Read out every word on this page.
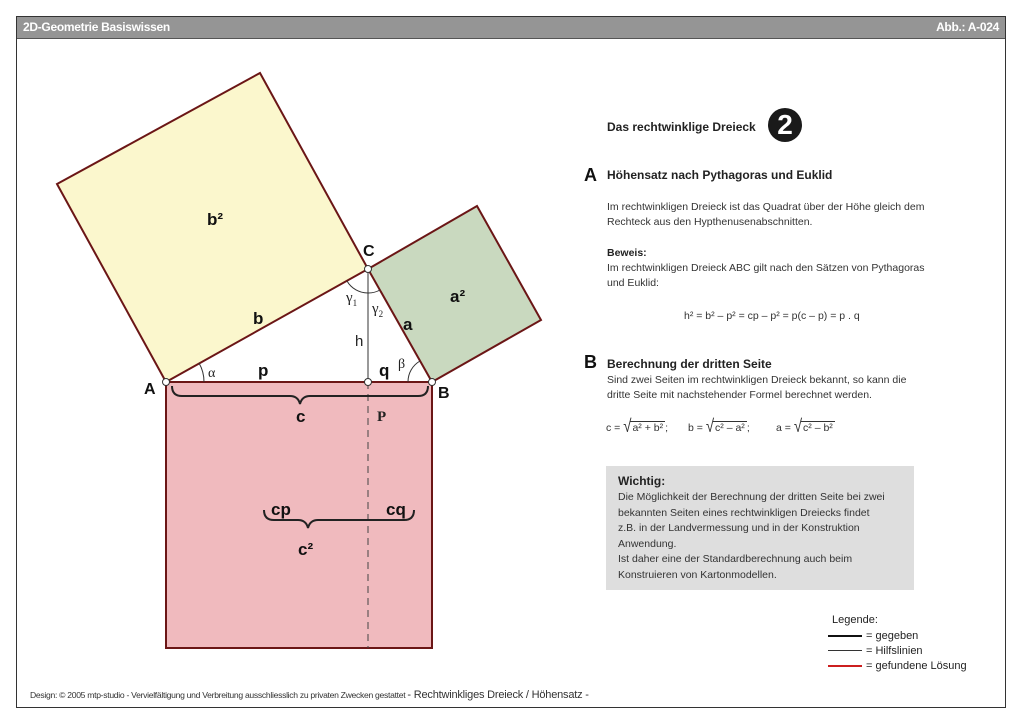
2D-Geometrie Basiswissen	Abb.: A-024
b²
a²
c²
A	B
C
b	a
c
p	q
cp	cq
P
h
α
β
$\gamma_1$ $\gamma_2$
Das rechtwinklige Dreieck 2
A Höhensatz nach Pythagoras und Euklid
Im rechtwinkligen Dreieck ist das Quadrat über der Höhe gleich dem
Rechteck aus den Hypthenusenabschnitten.
Beweis:
Im rechtwinkligen Dreieck ABC gilt nach den Sätzen von Pythagoras
und Euklid:
h² = b² – p² = cp – p² = p(c – p) = p . q
B Berechnung der dritten Seite
Sind zwei Seiten im rechtwinkligen Dreieck bekannt, so kann die
dritte Seite mit nachstehender Formel berechnet werden.
c = √a² + b² ; b = √c² – a² ;	a = √c² – b²
Wichtig:
Die Möglichkeit der Berechnung der dritten Seite bei zwei
bekannten Seiten eines rechtwinkligen Dreiecks findet
z.B. in der Landvermessung und in der Konstruktion
Anwendung.
Ist daher eine der Standardberechnung auch beim
Konstruieren von Kartonmodellen.
Legende:
= gegeben
= Hilfslinien
= gefundene Lösung
Design: © 2005 mtp-studio - Vervielfältigung und Verbreitung ausschliesslich zu privaten Zwecken gestattet - Rechtwinkliges Dreieck / Höhensatz -
